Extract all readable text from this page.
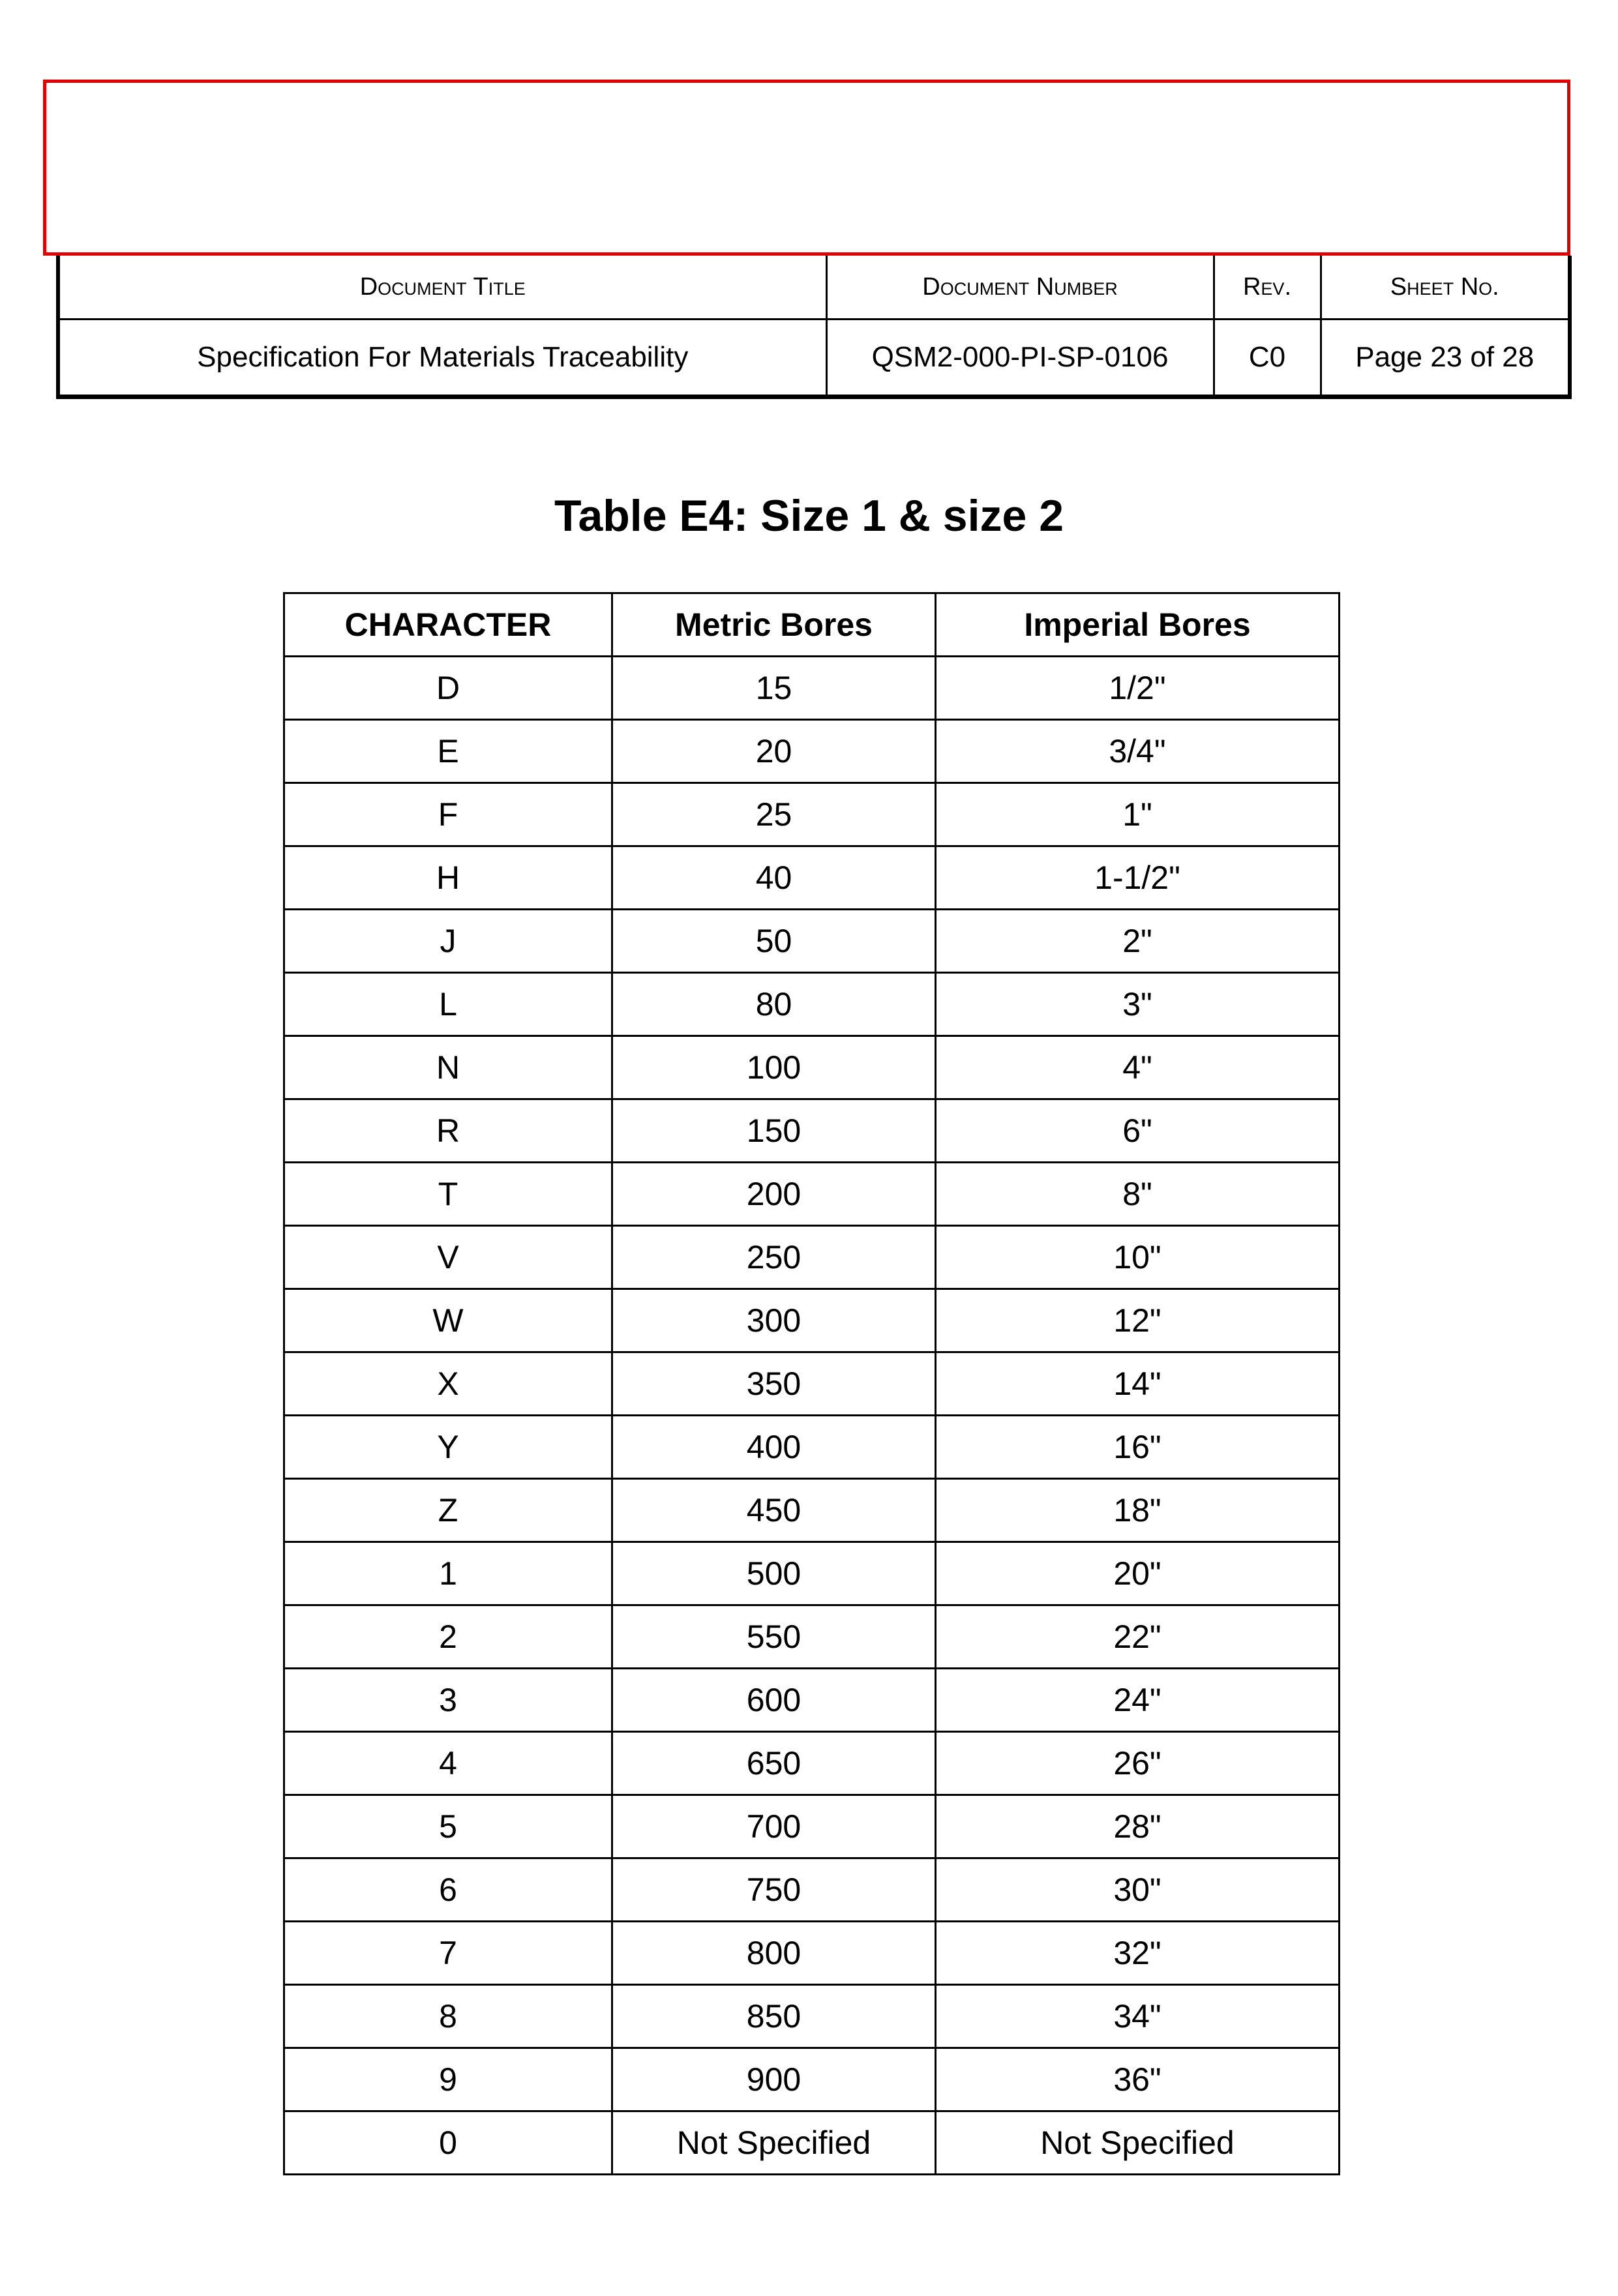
Document Title	Document Number	Rev.	Sheet No.
Specification For Materials Traceability	QSM2-000-PI-SP-0106	C0	Page 23 of 28
Table E4: Size 1 & size 2
CHARACTER	Metric Bores	Imperial Bores
D	15	1/2"
E	20	3/4"
F	25	1"
H	40	1-1/2"
J	50	2"
L	80	3"
N	100	4"
R	150	6"
T	200	8"
V	250	10"
W	300	12"
X	350	14"
Y	400	16"
Z	450	18"
1	500	20"
2	550	22"
3	600	24"
4	650	26"
5	700	28"
6	750	30"
7	800	32"
8	850	34"
9	900	36"
0	Not Specified	Not Specified
